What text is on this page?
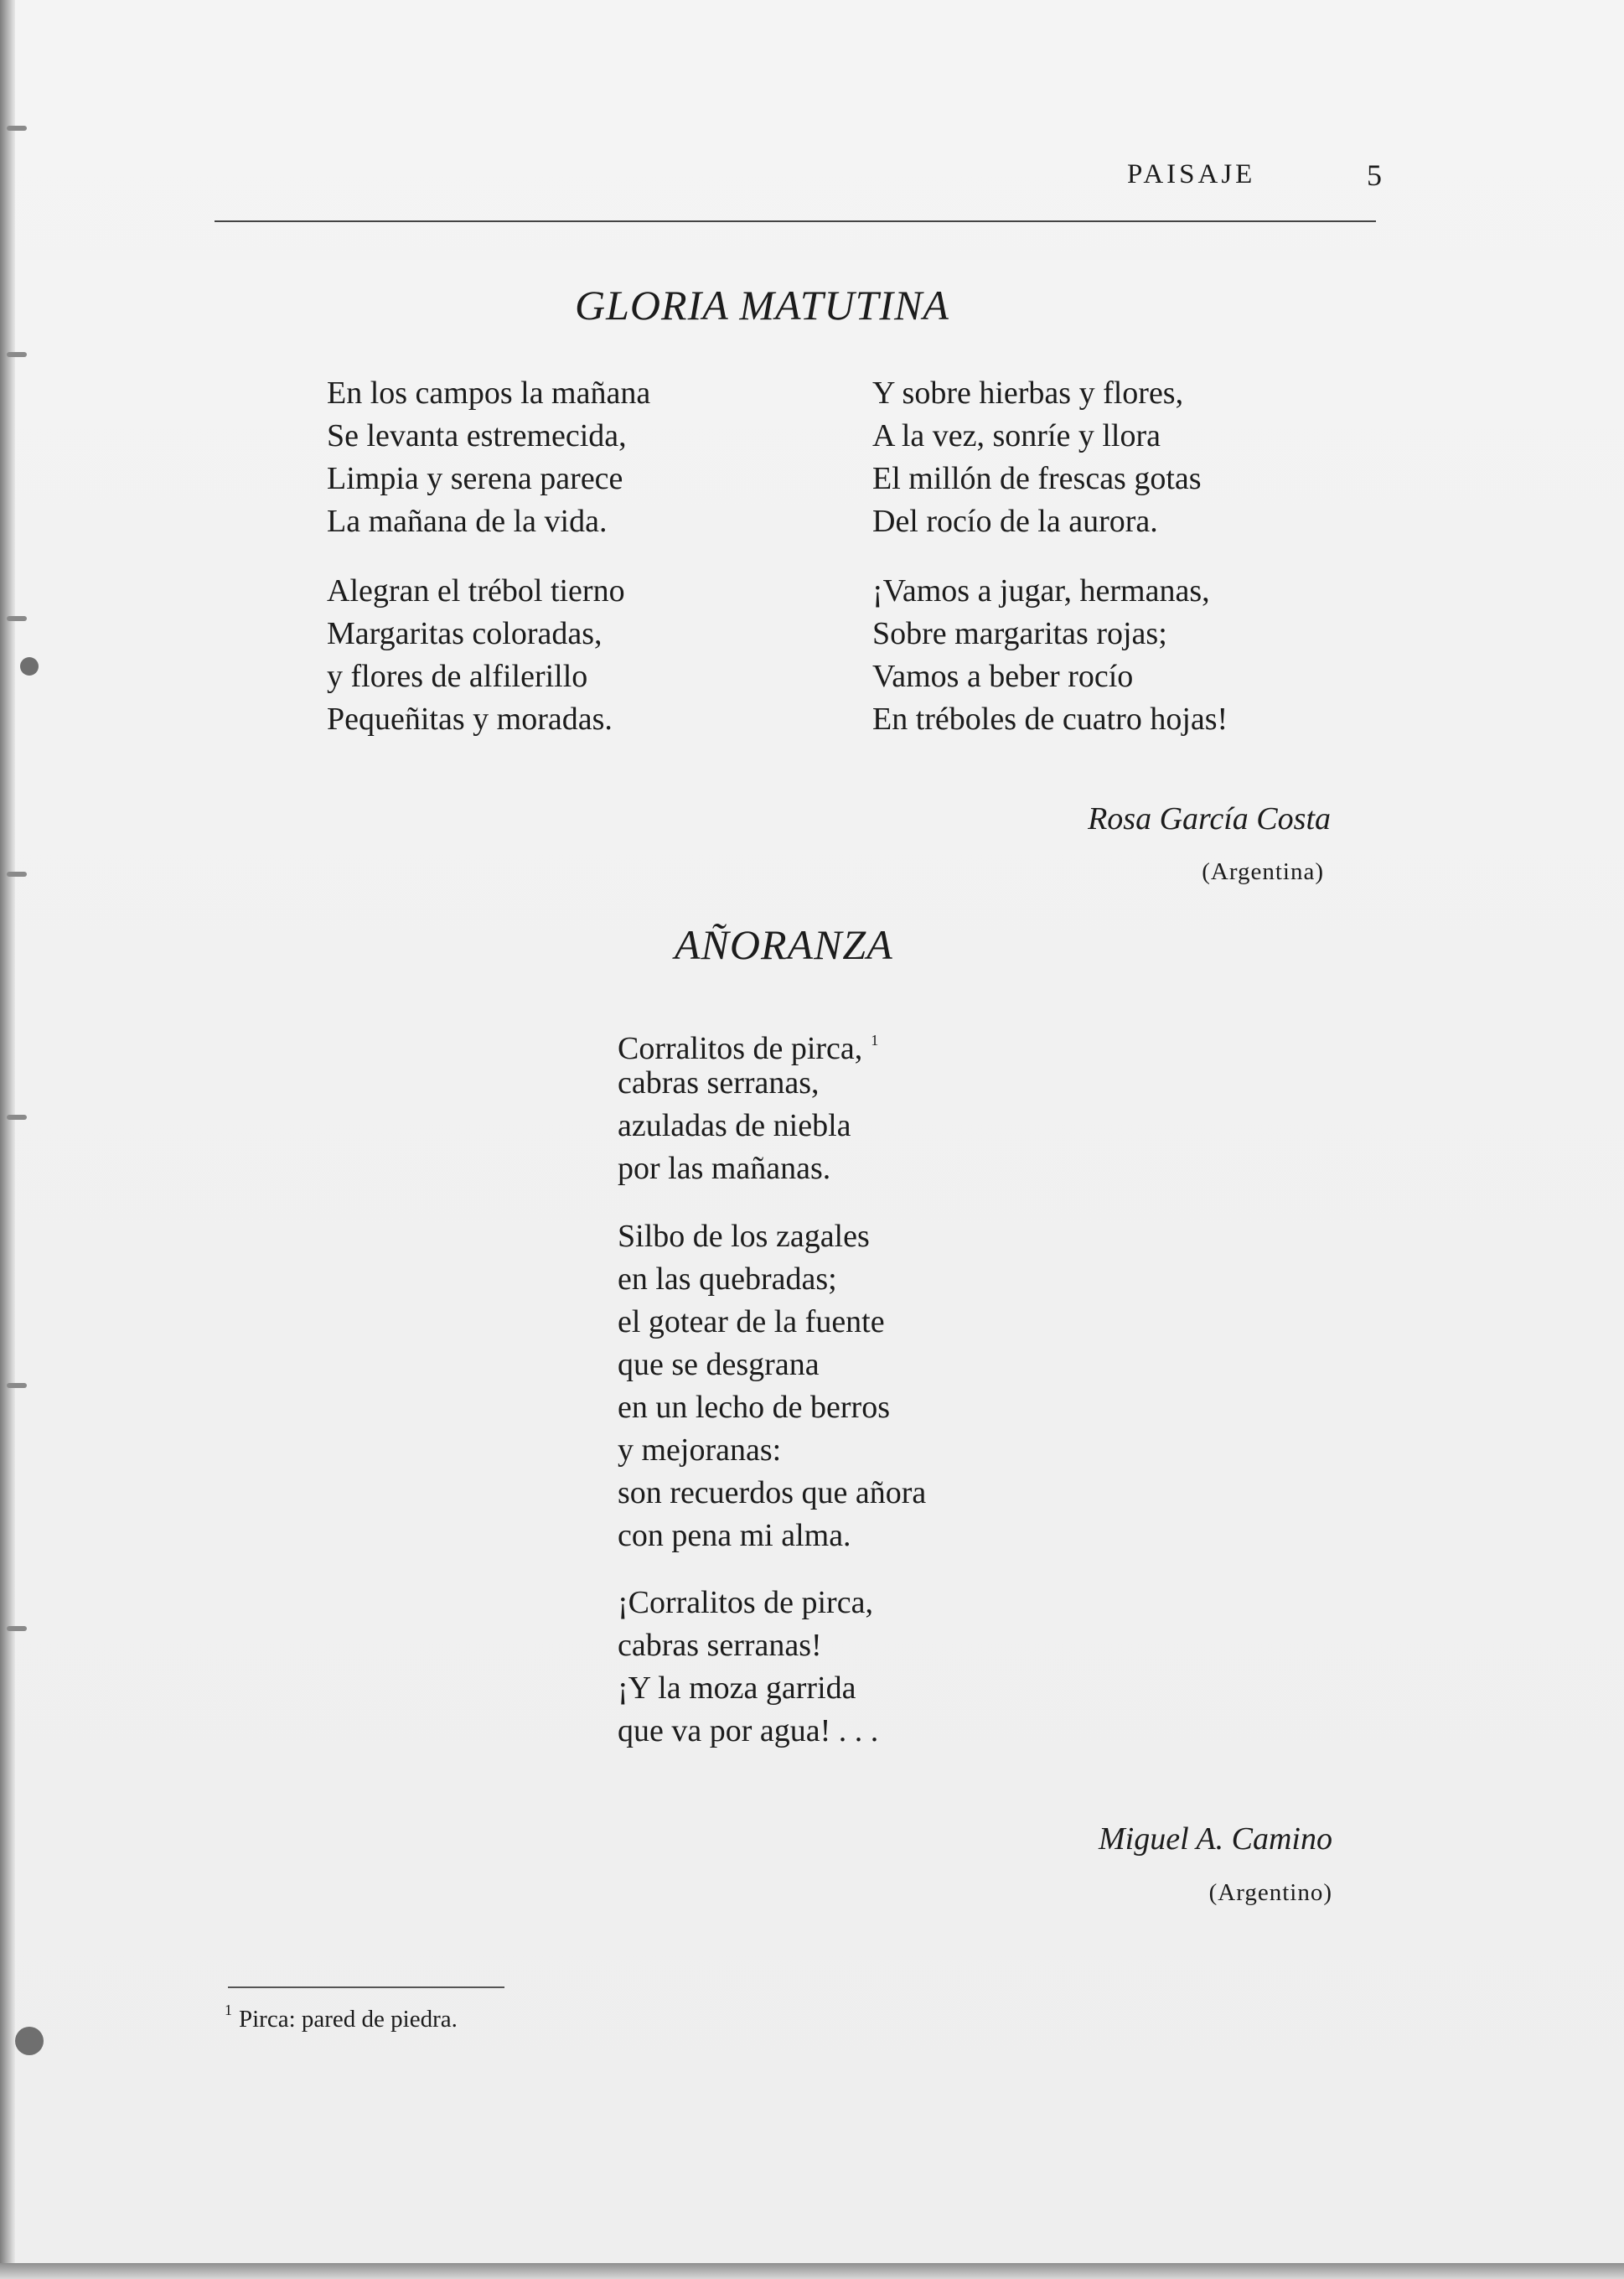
PAISAJE	5
GLORIA MATUTINA
En los campos la mañana
Se levanta estremecida,
Limpia y serena parece
La mañana de la vida.
Alegran el trébol tierno
Margaritas coloradas,
y flores de alfilerillo
Pequeñitas y moradas.
Y sobre hierbas y flores,
A la vez, sonríe y llora
El millón de frescas gotas
Del rocío de la aurora.
¡Vamos a jugar, hermanas,
Sobre margaritas rojas;
Vamos a beber rocío
En tréboles de cuatro hojas!
Rosa García Costa
(Argentina)
AÑORANZA
Corralitos de pirca, $^1$
cabras serranas,
azuladas de niebla
por las mañanas.
Silbo de los zagales
en las quebradas;
el gotear de la fuente
que se desgrana
en un lecho de berros
y mejoranas:
son recuerdos que añora
con pena mi alma.
¡Corralitos de pirca,
cabras serranas!
¡Y la moza garrida
que va por agua! . . .
Miguel A. Camino
(Argentino)
$^1$ Pirca: pared de piedra.
